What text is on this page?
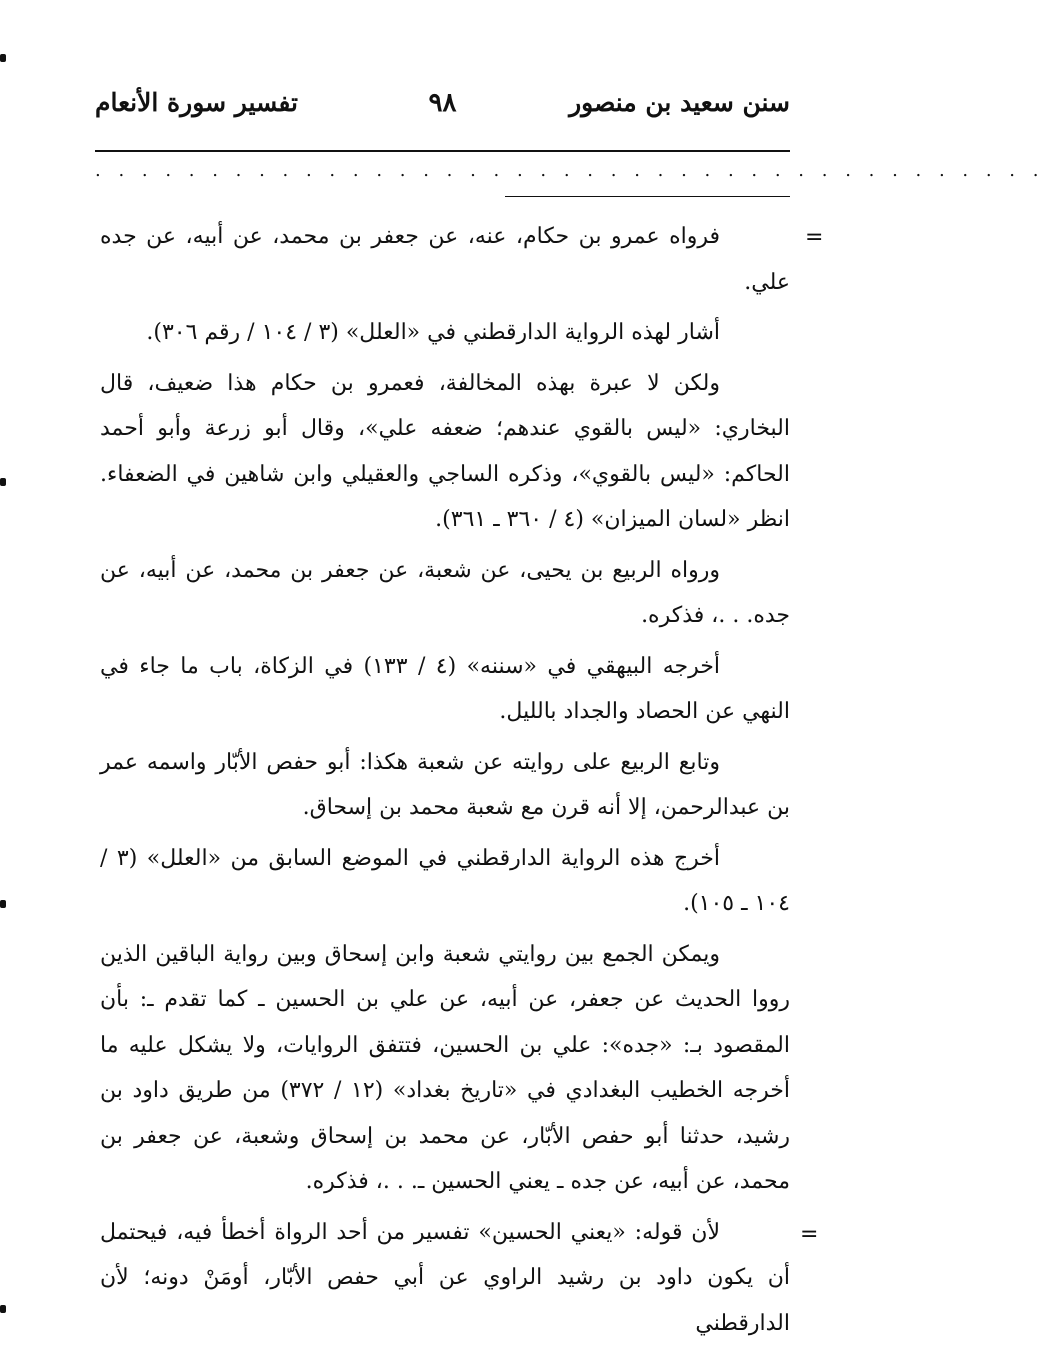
سنن سعيد بن منصور
٩٨
تفسير سورة الأنعام
. . . . . . . . . . . . . . . . . . . . . . . . . . . . . . . . . . . . . . . . .
=

فرواه عمرو بن حكام، عنه، عن جعفر بن محمد، عن أبيه، عن جده علي.

أشار لهذه الرواية الدارقطني في «العلل» (٣ / ١٠٤ / رقم ٣٠٦).

ولكن لا عبرة بهذه المخالفة، فعمرو بن حكام هذا ضعيف، قال البخاري: «ليس بالقوي عندهم؛ ضعفه علي»، وقال أبو زرعة وأبو أحمد الحاكم: «ليس بالقوي»، وذكره الساجي والعقيلي وابن شاهين في الضعفاء. انظر «لسان الميزان» (٤ / ٣٦٠ ـ ٣٦١).

ورواه الربيع بن يحيى، عن شعبة، عن جعفر بن محمد، عن أبيه، عن جده. . .، فذكره.

أخرجه البيهقي في «سننه» (٤ / ١٣٣) في الزكاة، باب ما جاء في النهي عن الحصاد والجداد بالليل.

وتابع الربيع على روايته عن شعبة هكذا: أبو حفص الأبّار واسمه عمر بن عبدالرحمن، إلا أنه قرن مع شعبة محمد بن إسحاق.

أخرج هذه الرواية الدارقطني في الموضع السابق من «العلل» (٣ / ١٠٤ ـ ١٠٥).

ويمكن الجمع بين روايتي شعبة وابن إسحاق وبين رواية الباقين الذين رووا الحديث عن جعفر، عن أبيه، عن علي بن الحسين ـ كما تقدم ـ: بأن المقصود بـ: «جده»: علي بن الحسين، فتتفق الروايات، ولا يشكل عليه ما أخرجه الخطيب البغدادي في «تاريخ بغداد» (١٢ / ٣٧٢) من طريق داود بن رشيد، حدثنا أبو حفص الأبّار، عن محمد بن إسحاق وشعبة، عن جعفر بن محمد، عن أبيه، عن جده ـ يعني الحسين ـ. . .، فذكره.

لأن قوله: «يعني الحسين» تفسير من أحد الرواة أخطأ فيه، فيحتمل أن يكون داود بن رشيد الراوي عن أبي حفص الأبّار، أومَنْ دونه؛ لأن الدارقطني

=
